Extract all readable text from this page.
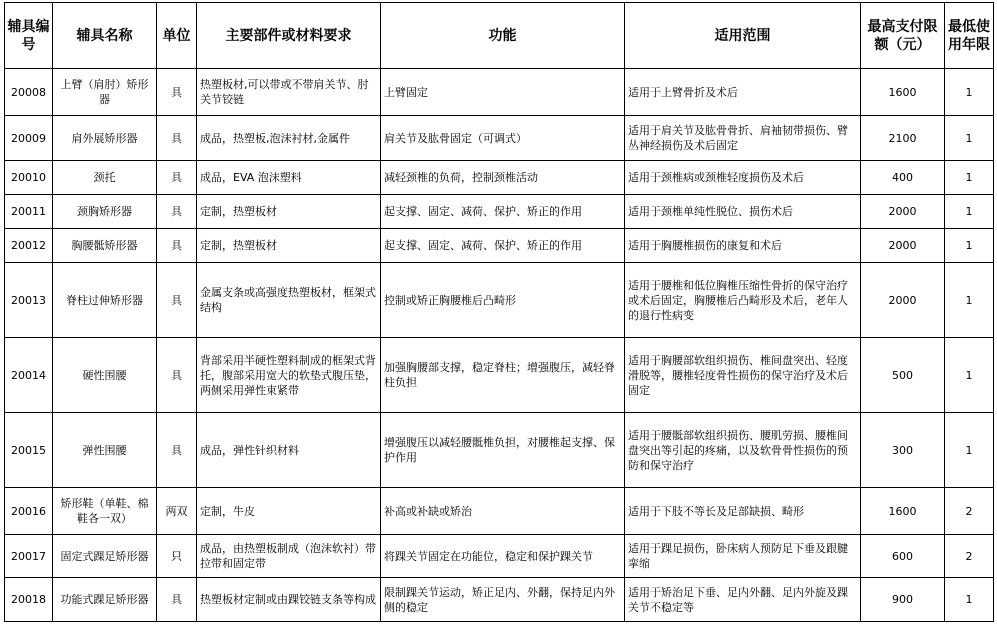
辅具编号	辅具名称	单位	主要部件或材料要求	功能	适用范围	最高支付限额（元）	最低使用年限
20008	上臂（肩肘）矫形器	具	热塑板材,可以带或不带肩关节、肘关节铰链	上臂固定	适用于上臂骨折及术后	1600	1
20009	肩外展矫形器	具	成品，热塑板,泡沫衬材,金属件	肩关节及肱骨固定（可调式）	适用于肩关节及肱骨骨折、肩袖韧带损伤、臂丛神经损伤及术后固定	2100	1
20010	颈托	具	成品，EVA 泡沫塑料	减轻颈椎的负荷，控制颈椎活动	适用于颈椎病或颈椎轻度损伤及术后	400	1
20011	颈胸矫形器	具	定制，热塑板材	起支撑、固定、减荷、保护、矫正的作用	适用于颈椎单纯性脱位、损伤术后	2000	1
20012	胸腰骶矫形器	具	定制，热塑板材	起支撑、固定、减荷、保护、矫正的作用	适用于胸腰椎损伤的康复和术后	2000	1
20013	脊柱过伸矫形器	具	金属支条或高强度热塑板材，框架式结构	控制或矫正胸腰椎后凸畸形	适用于腰椎和低位胸椎压缩性骨折的保守治疗或术后固定，胸腰椎后凸畸形及术后，老年人的退行性病变	2000	1
20014	硬性围腰	具	背部采用半硬性塑料制成的框架式背托，腹部采用宽大的软垫式腹压垫，两侧采用弹性束紧带	加强胸腰部支撑，稳定脊柱；增强腹压，减轻脊柱负担	适用于胸腰部软组织损伤、椎间盘突出、轻度滑脱等，腰椎轻度骨性损伤的保守治疗及术后固定	500	1
20015	弹性围腰	具	成品，弹性针织材料	增强腹压以减轻腰骶椎负担，对腰椎起支撑、保护作用	适用于腰骶部软组织损伤、腰肌劳损、腰椎间盘突出等引起的疼痛，以及软骨骨性损伤的预防和保守治疗	300	1
20016	矫形鞋（单鞋、棉鞋各一双）	两双	定制，牛皮	补高或补缺或矫治	适用于下肢不等长及足部缺损、畸形	1600	2
20017	固定式踝足矫形器	只	成品，由热塑板制成（泡沫软衬）带拉带和固定带	将踝关节固定在功能位，稳定和保护踝关节	适用于踝足损伤，卧床病人预防足下垂及跟腱挛缩	600	2
20018	功能式踝足矫形器	具	热塑板材定制或由踝铰链支条等构成	限制踝关节运动，矫正足内、外翻，保持足内外侧的稳定	适用于矫治足下垂、足内外翻、足内外旋及踝关节不稳定等	900	1
